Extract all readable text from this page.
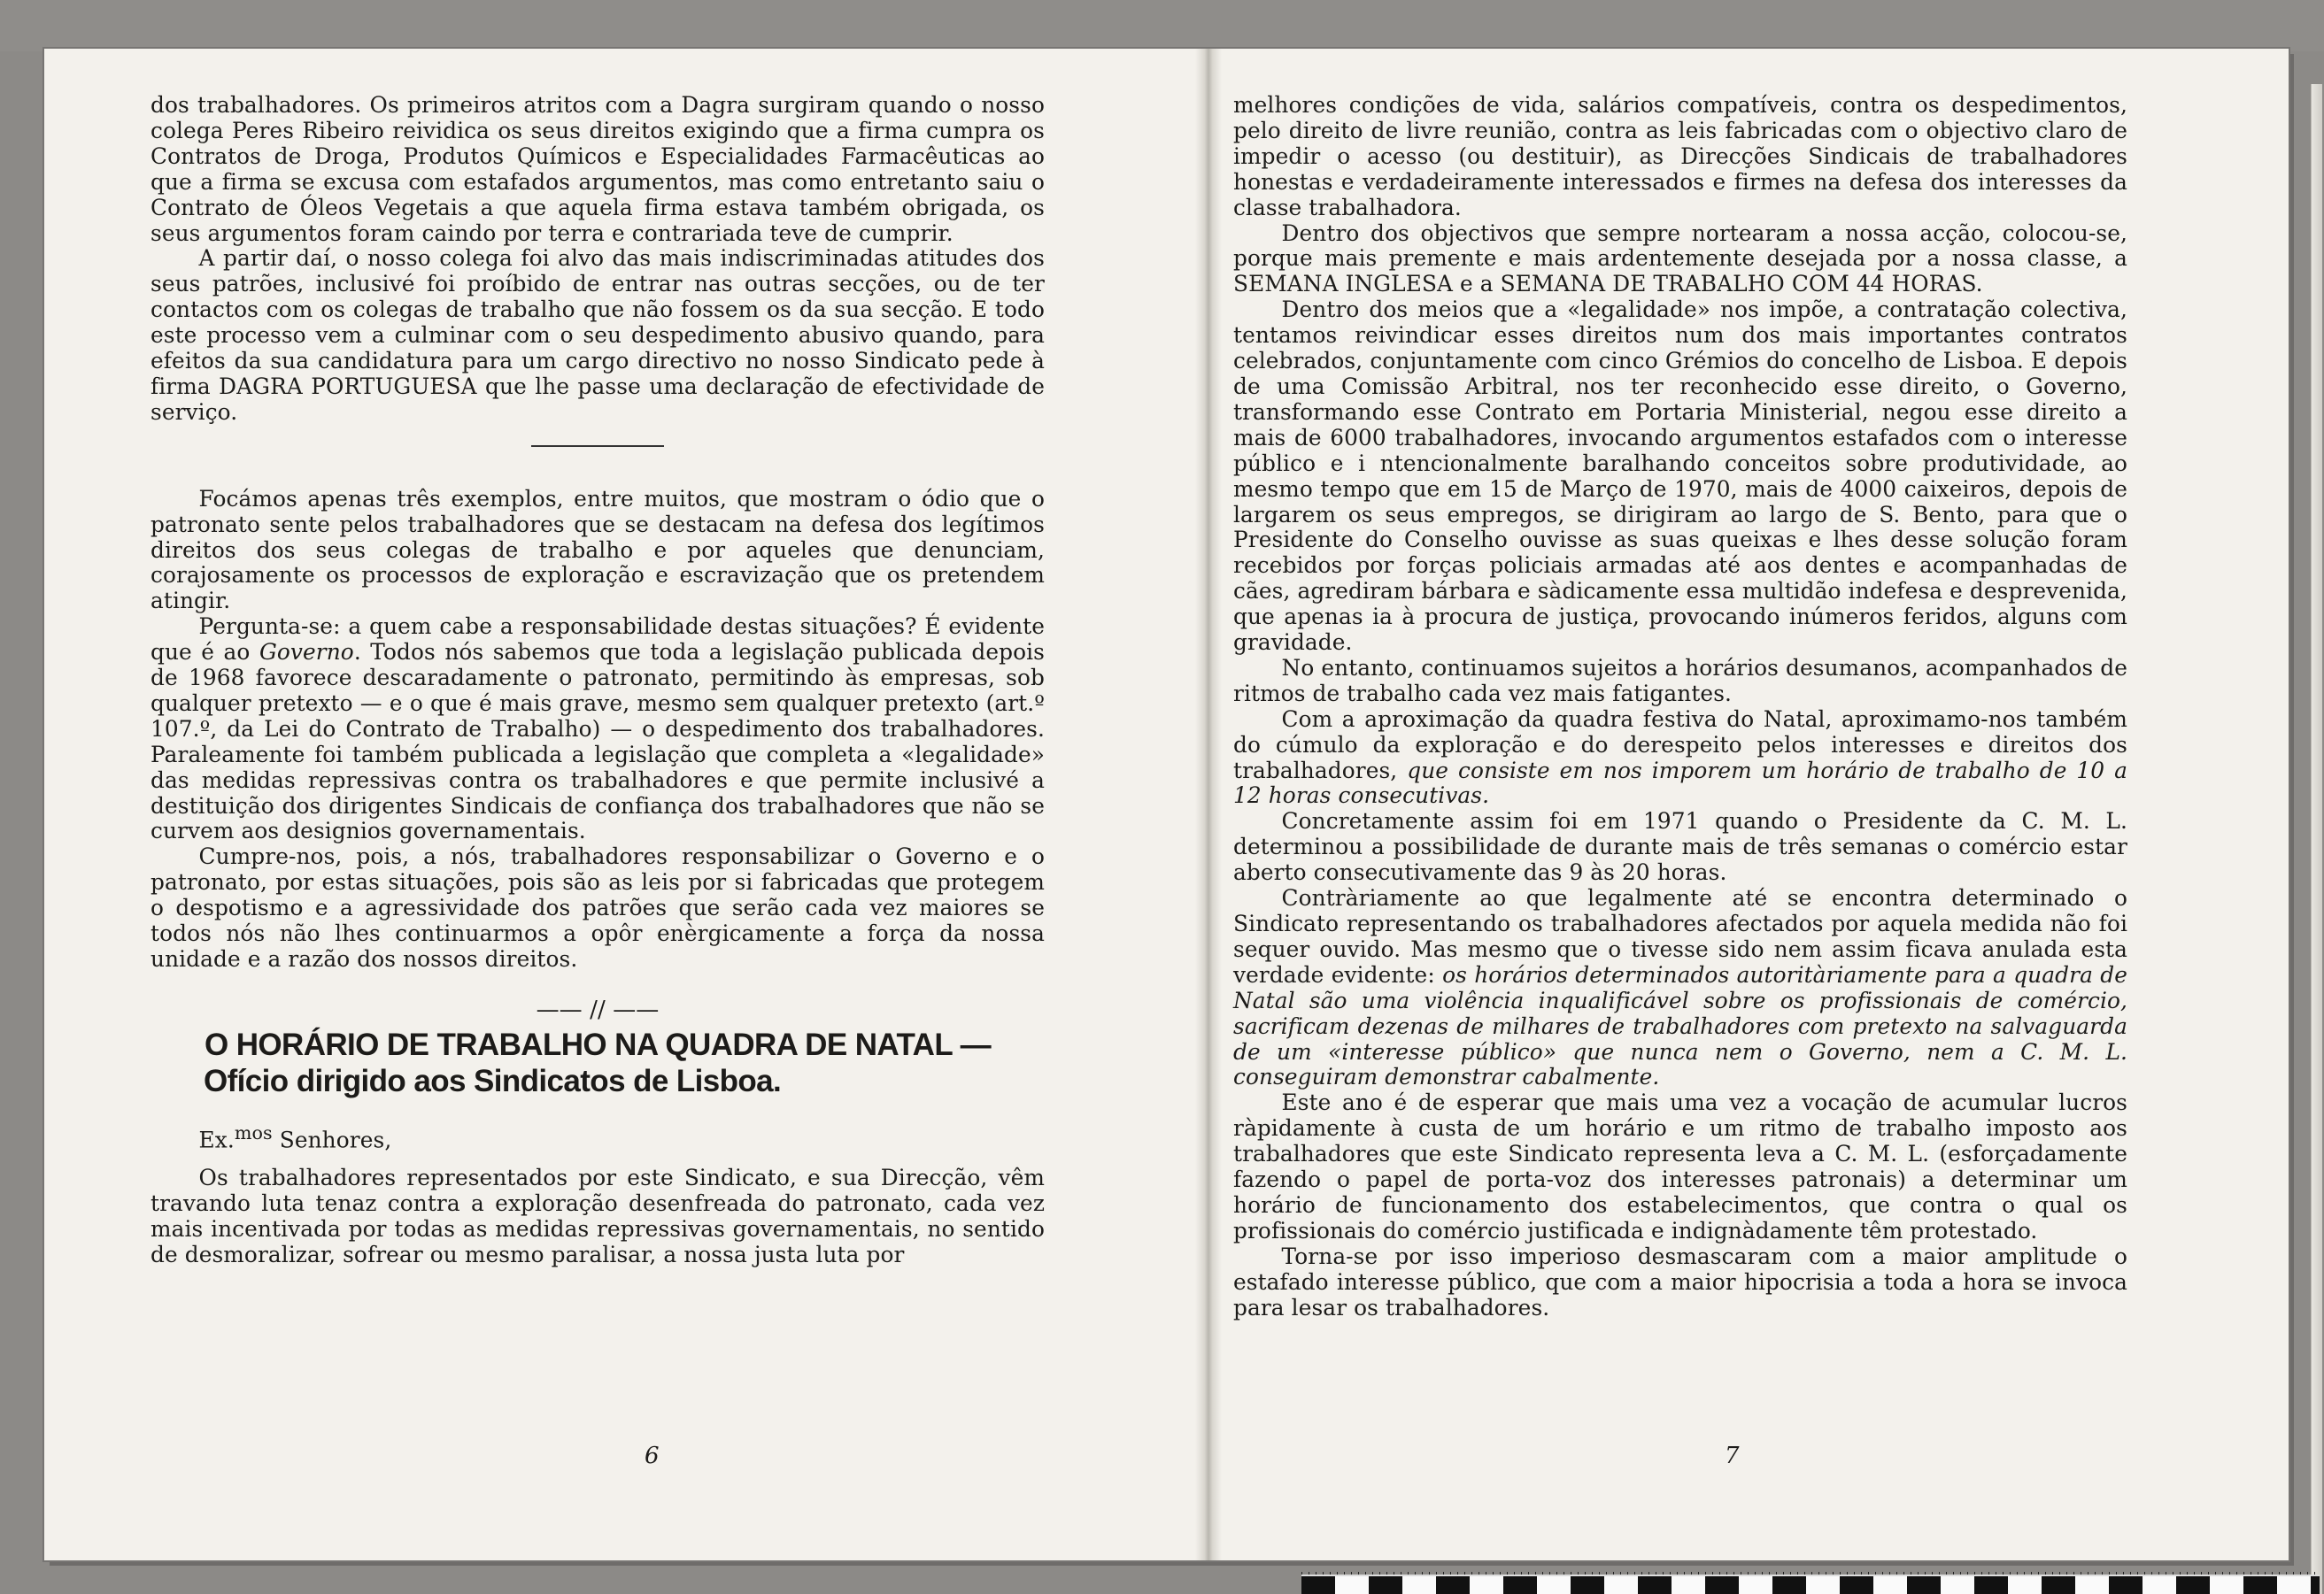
dos trabalhadores. Os primeiros atritos com a Dagra surgiram quando o nosso colega Peres Ribeiro reividica os seus direitos exigindo que a firma cumpra os Contratos de Droga, Produtos Químicos e Especialidades Farmacêuticas ao que a firma se excusa com estafados argumentos, mas como entretanto saiu o Contrato de Óleos Vegetais a que aquela firma estava também obrigada, os seus argumentos foram caindo por terra e contrariada teve de cumprir.

A partir daí, o nosso colega foi alvo das mais indiscriminadas atitudes dos seus patrões, inclusivé foi proíbido de entrar nas outras secções, ou de ter contactos com os colegas de trabalho que não fossem os da sua secção. E todo este processo vem a culminar com o seu despedimento abusivo quando, para efeitos da sua candidatura para um cargo directivo no nosso Sindicato pede à firma DAGRA PORTUGUESA que lhe passe uma declaração de efectividade de serviço.

Focámos apenas três exemplos, entre muitos, que mostram o ódio que o patronato sente pelos trabalhadores que se destacam na defesa dos legítimos direitos dos seus colegas de trabalho e por aqueles que denunciam, corajosamente os processos de exploração e escravização que os pretendem atingir.

Pergunta-se: a quem cabe a responsabilidade destas situações? É evidente que é ao Governo. Todos nós sabemos que toda a legislação publicada depois de 1968 favorece descaradamente o patronato, permitindo às empresas, sob qualquer pretexto — e o que é mais grave, mesmo sem qualquer pretexto (art.º 107.º, da Lei do Contrato de Trabalho) — o despedimento dos trabalhadores. Paraleamente foi também publicada a legislação que completa a «legalidade» das medidas repressivas contra os trabalhadores e que permite inclusivé a destituição dos dirigentes Sindicais de confiança dos trabalhadores que não se curvem aos designios governamentais.

Cumpre-nos, pois, a nós, trabalhadores responsabilizar o Governo e o patronato, por estas situações, pois são as leis por si fabricadas que protegem o despotismo e a agressividade dos patrões que serão cada vez maiores se todos nós não lhes continuarmos a opôr enèrgicamente a força da nossa unidade e a razão dos nossos direitos.

—— // ——
O HORÁRIO DE TRABALHO NA QUADRA DE NATAL —
Ofício dirigido aos Sindicatos de Lisboa.

Ex.$^{mos}$ Senhores,

Os trabalhadores representados por este Sindicato, e sua Direcção, vêm travando luta tenaz contra a exploração desenfreada do patronato, cada vez mais incentivada por todas as medidas repressivas governamentais, no sentido de desmoralizar, sofrear ou mesmo paralisar, a nossa justa luta por

6

melhores condições de vida, salários compatíveis, contra os despedimentos, pelo direito de livre reunião, contra as leis fabricadas com o objectivo claro de impedir o acesso (ou destituir), as Direcções Sindicais de trabalhadores honestas e verdadeiramente interessados e firmes na defesa dos interesses da classe trabalhadora.

Dentro dos objectivos que sempre nortearam a nossa acção, colocou-se, porque mais premente e mais ardentemente desejada por a nossa classe, a SEMANA INGLESA e a SEMANA DE TRABALHO COM 44 HORAS.

Dentro dos meios que a «legalidade» nos impõe, a contratação colectiva, tentamos reivindicar esses direitos num dos mais importantes contratos celebrados, conjuntamente com cinco Grémios do concelho de Lisboa. E depois de uma Comissão Arbitral, nos ter reconhecido esse direito, o Governo, transformando esse Contrato em Portaria Ministerial, negou esse direito a mais de 6000 trabalhadores, invocando argumentos estafados com o interesse público e i ntencionalmente baralhando conceitos sobre produtividade, ao mesmo tempo que em 15 de Março de 1970, mais de 4000 caixeiros, depois de largarem os seus empregos, se dirigiram ao largo de S. Bento, para que o Presidente do Conselho ouvisse as suas queixas e lhes desse solução foram recebidos por forças policiais armadas até aos dentes e acompanhadas de cães, agrediram bárbara e sàdicamente essa multidão indefesa e desprevenida, que apenas ia à procura de justiça, provocando inúmeros feridos, alguns com gravidade.

No entanto, continuamos sujeitos a horários desumanos, acompanhados de ritmos de trabalho cada vez mais fatigantes.

Com a aproximação da quadra festiva do Natal, aproximamo-nos também do cúmulo da exploração e do derespeito pelos interesses e direitos dos trabalhadores, que consiste em nos imporem um horário de trabalho de 10 a 12 horas consecutivas.

Concretamente assim foi em 1971 quando o Presidente da C. M. L. determinou a possibilidade de durante mais de três semanas o comércio estar aberto consecutivamente das 9 às 20 horas.

Contràriamente ao que legalmente até se encontra determinado o Sindicato representando os trabalhadores afectados por aquela medida não foi sequer ouvido. Mas mesmo que o tivesse sido nem assim ficava anulada esta verdade evidente: os horários determinados autoritàriamente para a quadra de Natal são uma violência inqualificável sobre os profissionais de comércio, sacrificam dezenas de milhares de trabalhadores com pretexto na salvaguarda de um «interesse público» que nunca nem o Governo, nem a C. M. L. conseguiram demonstrar cabalmente.

Este ano é de esperar que mais uma vez a vocação de acumular lucros ràpidamente à custa de um horário e um ritmo de trabalho imposto aos trabalhadores que este Sindicato representa leva a C. M. L. (esforçadamente fazendo o papel de porta-voz dos interesses patronais) a determinar um horário de funcionamento dos estabelecimentos, que contra o qual os profissionais do comércio justificada e indignàdamente têm protestado.

Torna-se por isso imperioso desmascaram com a maior amplitude o estafado interesse público, que com a maior hipocrisia a toda a hora se invoca para lesar os trabalhadores.

7
